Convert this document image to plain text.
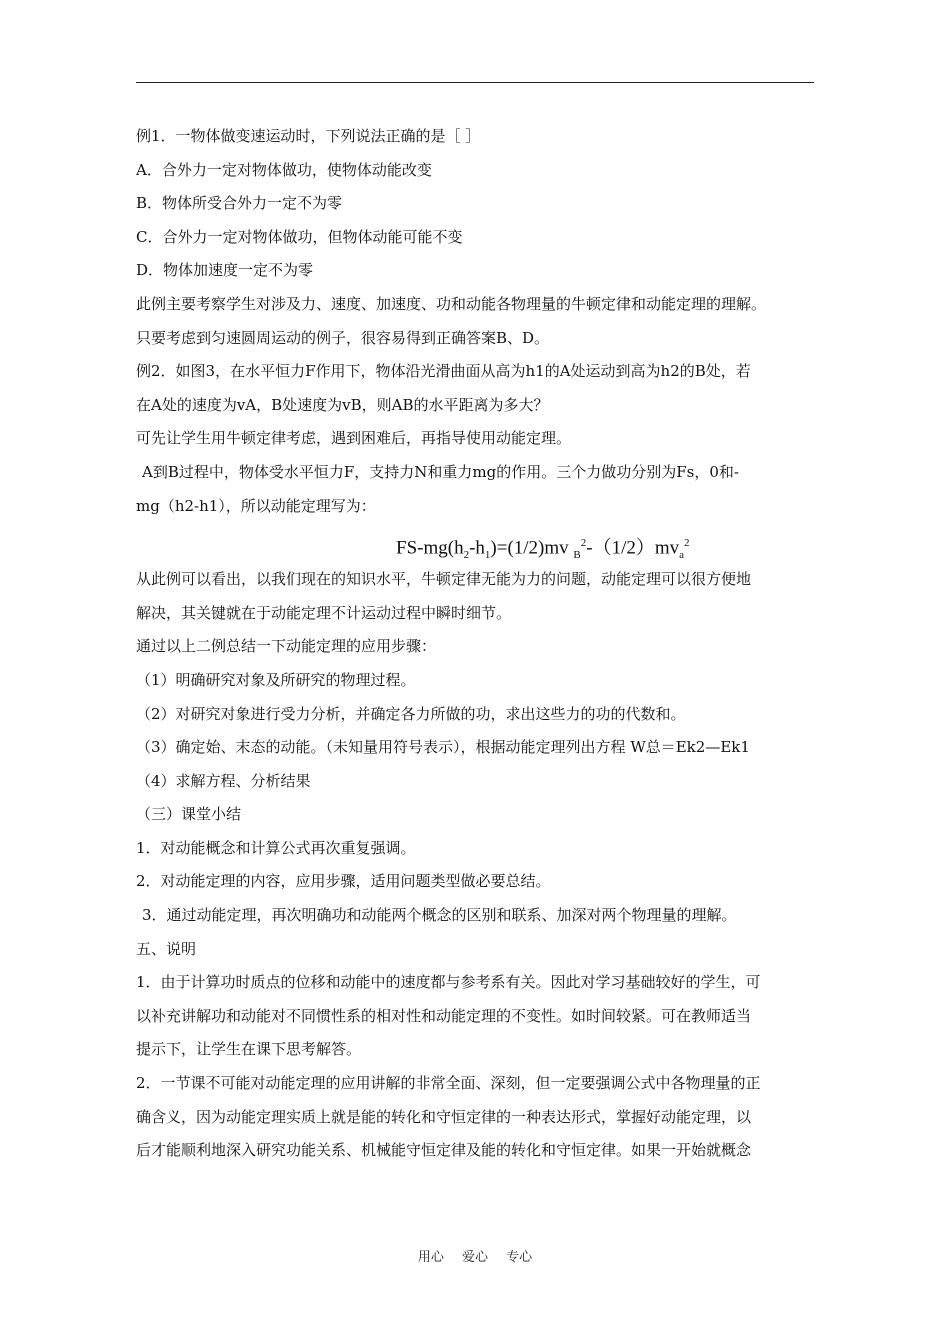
例1．一物体做变速运动时，下列说法正确的是［ ］
A．合外力一定对物体做功，使物体动能改变
B．物体所受合外力一定不为零
C．合外力一定对物体做功，但物体动能可能不变
D．物体加速度一定不为零
此例主要考察学生对涉及力、速度、加速度、功和动能各物理量的牛顿定律和动能定理的理解。
只要考虑到匀速圆周运动的例子，很容易得到正确答案B、D。
例2．如图3，在水平恒力F作用下，物体沿光滑曲面从高为h1的A处运动到高为h2的B处，若
在A处的速度为vA，B处速度为vB，则AB的水平距离为多大？
可先让学生用牛顿定律考虑，遇到困难后，再指导使用动能定理。
A到B过程中，物体受水平恒力F，支持力N和重力mg的作用。三个力做功分别为Fs，0和-
mg（h2-h1），所以动能定理写为：
$FS-mg(h_2-h_1)=(1/2)mv$ $_B^2-(1/2)mv_a^2$
从此例可以看出，以我们现在的知识水平，牛顿定律无能为力的问题，动能定理可以很方便地
解决，其关键就在于动能定理不计运动过程中瞬时细节。
通过以上二例总结一下动能定理的应用步骤：
（1）明确研究对象及所研究的物理过程。
（2）对研究对象进行受力分析，并确定各力所做的功，求出这些力的功的代数和。
（3）确定始、末态的动能。（未知量用符号表示），根据动能定理列出方程 W总＝Ek2—Ek1
（4）求解方程、分析结果
（三）课堂小结
1．对动能概念和计算公式再次重复强调。
2．对动能定理的内容，应用步骤，适用问题类型做必要总结。
3．通过动能定理，再次明确功和动能两个概念的区别和联系、加深对两个物理量的理解。
五、说明
1．由于计算功时质点的位移和动能中的速度都与参考系有关。因此对学习基础较好的学生，可
以补充讲解功和动能对不同惯性系的相对性和动能定理的不变性。如时间较紧。可在教师适当
提示下，让学生在课下思考解答。
2．一节课不可能对动能定理的应用讲解的非常全面、深刻，但一定要强调公式中各物理量的正
确含义，因为动能定理实质上就是能的转化和守恒定律的一种表达形式，掌握好动能定理，以
后才能顺利地深入研究功能关系、机械能守恒定律及能的转化和守恒定律。如果一开始就概念
用心 爱心 专心
